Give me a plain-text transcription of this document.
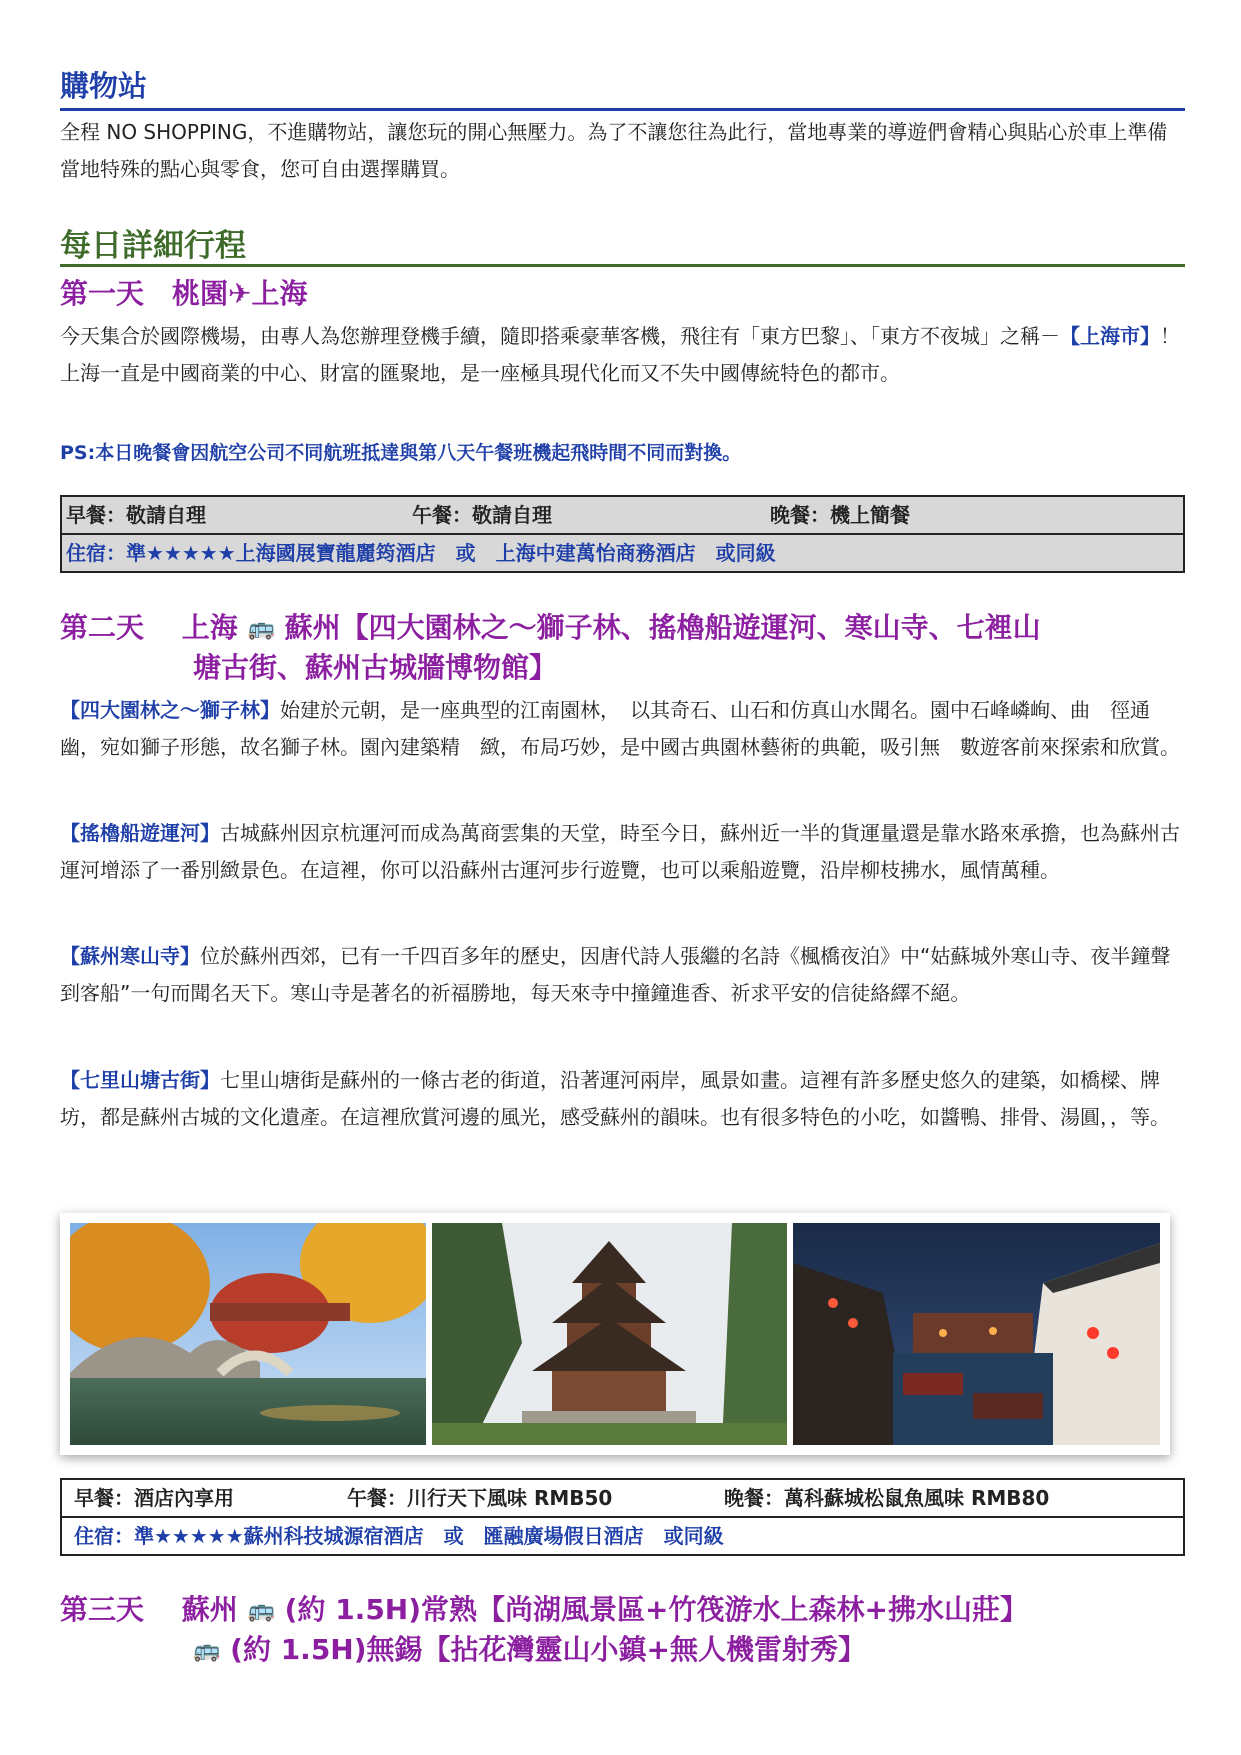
購物站
全程 NO SHOPPING，不進購物站，讓您玩的開心無壓力。為了不讓您往為此行，當地專業的導遊們會精心與貼心於車上準備當地特殊的點心與零食，您可自由選擇購買。
每日詳細行程
第一天　桃園✈上海
今天集合於國際機場，由專人為您辦理登機手續，隨即搭乘豪華客機，飛往有「東方巴黎」、「東方不夜城」之稱－【上海市】！上海一直是中國商業的中心、財富的匯聚地，是一座極具現代化而又不失中國傳統特色的都市。
PS:本日晚餐會因航空公司不同航班抵達與第八天午餐班機起飛時間不同而對換。
早餐：敬請自理	午餐：敬請自理	晚餐：機上簡餐
住宿：準★★★★★上海國展寶龍麗筠酒店　或　上海中建萬怡商務酒店　或同級
第二天　 上海 🚌 蘇州【四大園林之～獅子林、搖櫓船遊運河、寒山寺、七裡山
塘古街、蘇州古城牆博物館】
【四大園林之～獅子林】始建於元朝，是一座典型的江南園林，　以其奇石、山石和仿真山水聞名。園中石峰嶙峋、曲　徑通幽，宛如獅子形態，故名獅子林。園內建築精　緻，布局巧妙，是中國古典園林藝術的典範，吸引無　數遊客前來探索和欣賞。
【搖櫓船遊運河】古城蘇州因京杭運河而成為萬商雲集的天堂，時至今日，蘇州近一半的貨運量還是靠水路來承擔，也為蘇州古運河增添了一番別緻景色。在這裡，你可以沿蘇州古運河步行遊覽，也可以乘船遊覽，沿岸柳枝拂水，風情萬種。
【蘇州寒山寺】位於蘇州西郊，已有一千四百多年的歷史，因唐代詩人張繼的名詩《楓橋夜泊》中“姑蘇城外寒山寺、夜半鐘聲到客船”一句而聞名天下。寒山寺是著名的祈福勝地，每天來寺中撞鐘進香、祈求平安的信徒絡繹不絕。
【七里山塘古街】七里山塘街是蘇州的一條古老的街道，沿著運河兩岸，風景如畫。這裡有許多歷史悠久的建築，如橋樑、牌坊，都是蘇州古城的文化遺產。在這裡欣賞河邊的風光，感受蘇州的韻味。也有很多特色的小吃，如醬鴨、排骨、湯圓，，等。
早餐：酒店內享用	午餐：川行天下風味 RMB50	晚餐：萬科蘇城松鼠魚風味 RMB80
住宿：準★★★★★蘇州科技城源宿酒店　或　匯融廣場假日酒店　或同級
第三天　 蘇州 🚌 (約 1.5H)常熟【尚湖風景區+竹筏游水上森林+拂水山莊】
🚌 (約 1.5H)無錫【拈花灣靈山小鎮+無人機雷射秀】
